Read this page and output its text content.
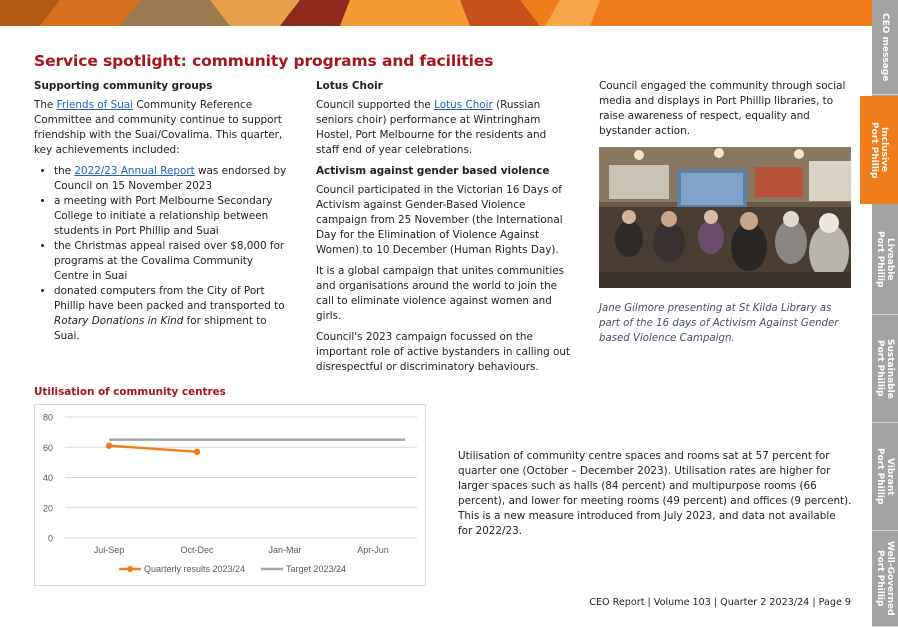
CEO message
Inclusive
Port Phillip
Liveable
Port Phillip
Sustainable
Port Phillip
Vibrant
Port Phillip
Well-Governed
Port Phillip
Service spotlight: community programs and facilities
Supporting community groups

The Friends of Suai Community Reference Committee and community continue to support friendship with the Suai/Covalima. This quarter, key achievements included:

• the 2022/23 Annual Report was endorsed by Council on 15 November 2023
• a meeting with Port Melbourne Secondary College to initiate a relationship between students in Port Phillip and Suai
• the Christmas appeal raised over $8,000 for programs at the Covalima Community Centre in Suai
• donated computers from the City of Port Phillip have been packed and transported to Rotary Donations in Kind for shipment to Suai.
Lotus Choir

Council supported the Lotus Choir (Russian seniors choir) performance at Wintringham Hostel, Port Melbourne for the residents and staff end of year celebrations.

Activism against gender based violence

Council participated in the Victorian 16 Days of Activism against Gender-Based Violence campaign from 25 November (the International Day for the Elimination of Violence Against Women) to 10 December (Human Rights Day).

It is a global campaign that unites communities and organisations around the world to join the call to eliminate violence against women and girls.

Council's 2023 campaign focussed on the important role of active bystanders in calling out disrespectful or discriminatory behaviours.

Council engaged the community through social media and displays in Port Phillip libraries, to raise awareness of respect, equality and bystander action.

Jane Gilmore presenting at St Kilda Library as part of the 16 days of Activism Against Gender based Violence Campaign.
Utilisation of community centres
0
20
40
60
80
Jul-Sep	Oct-Dec	Jan-Mar	Apr-Jun
Quarterly results 2023/24	Target 2023/24

Utilisation of community centre spaces and rooms sat at 57 percent for quarter one (October – December 2023). Utilisation rates are higher for larger spaces such as halls (84 percent) and multipurpose rooms (66 percent), and lower for meeting rooms (49 percent) and offices (9 percent). This is a new measure introduced from July 2023, and data not available for 2022/23.

CEO Report | Volume 103 | Quarter 2 2023/24 | Page 9
